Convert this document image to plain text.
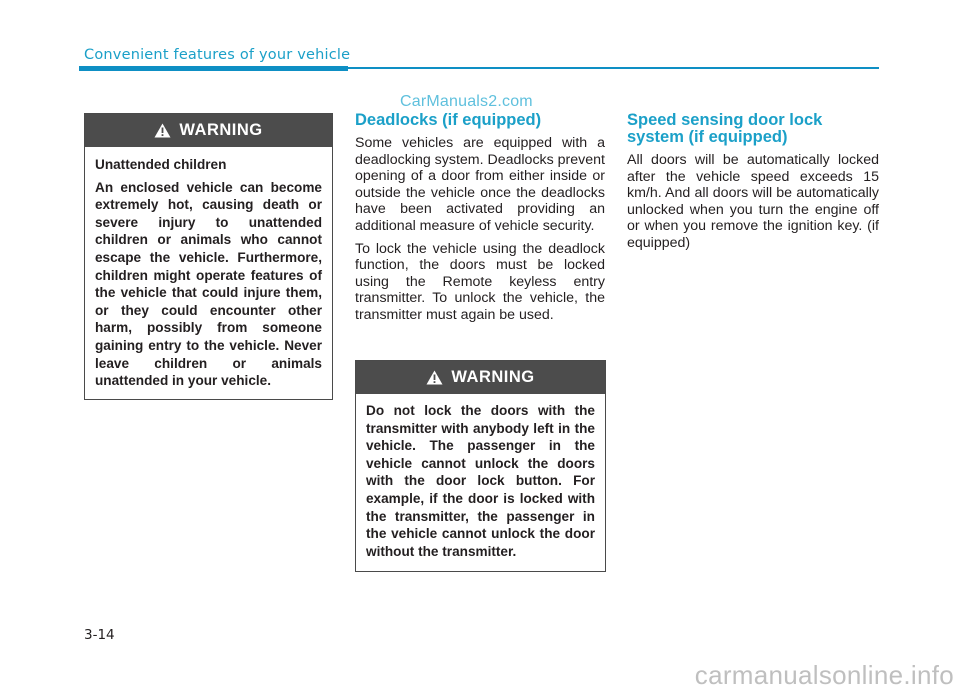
Convenient features of your vehicle
CarManuals2.com
WARNING

Unattended children

An enclosed vehicle can become extremely hot, causing death or severe injury to unattended children or animals who cannot escape the vehicle. Furthermore, children might operate features of the vehicle that could injure them, or they could encounter other harm, possibly from someone gaining entry to the vehicle. Never leave children or animals unattended in your vehicle.

Deadlocks (if equipped)

Some vehicles are equipped with a deadlocking system. Deadlocks prevent opening of a door from either inside or outside the vehicle once the deadlocks have been activated providing an additional measure of vehicle security.

To lock the vehicle using the deadlock function, the doors must be locked using the Remote keyless entry transmitter. To unlock the vehicle, the transmitter must again be used.

WARNING

Do not lock the doors with the transmitter with anybody left in the vehicle. The passenger in the vehicle cannot unlock the doors with the door lock button. For example, if the door is locked with the transmitter, the passenger in the vehicle cannot unlock the door without the transmitter.

Speed sensing door lock system (if equipped)

All doors will be automatically locked after the vehicle speed exceeds 15 km/h. And all doors will be automatically unlocked when you turn the engine off or when you remove the ignition key. (if equipped)

3-14
carmanualsonline.info
